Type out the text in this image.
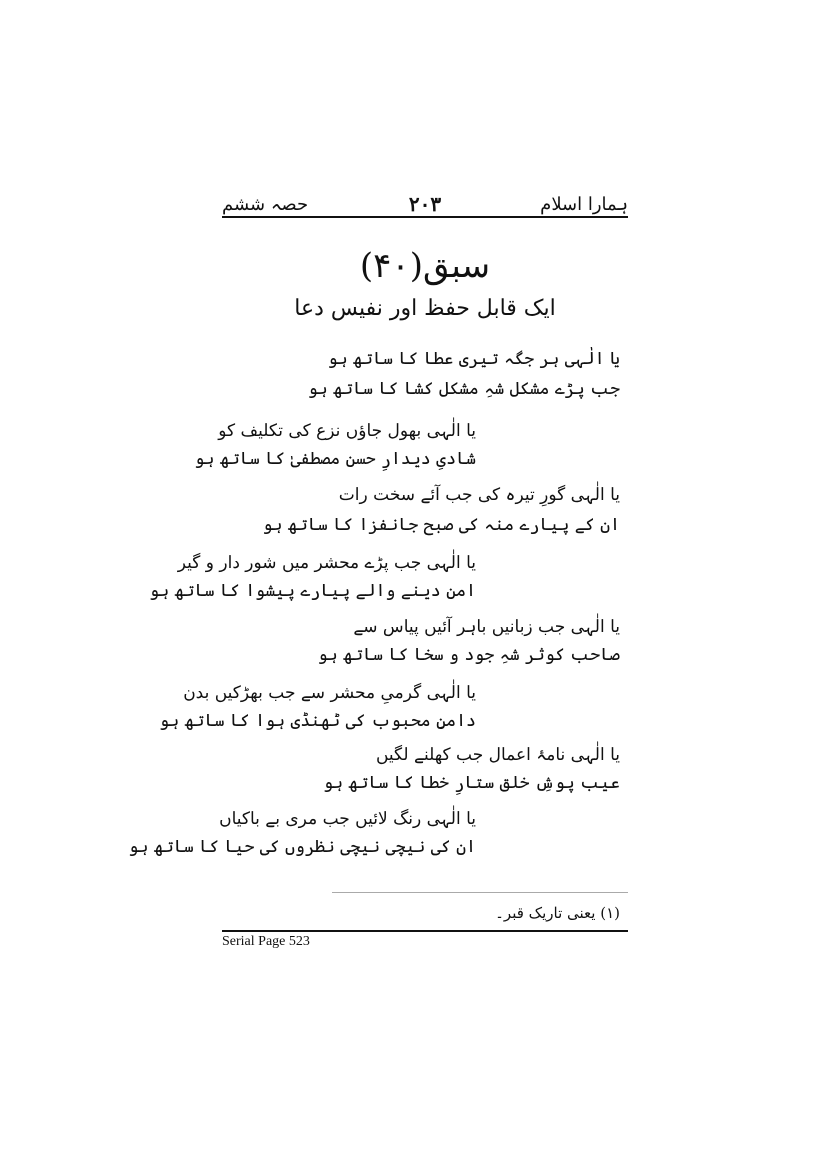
ہمارا اسلام
۲۰۳
حصہ ششم
سبق(۴۰)
ایک قابل حفظ اور نفیس دعا
یا الٰہی ہر جگہ تیری عطا کا ساتھ ہو
جب پڑے مشکل شہِ مشکل کشا کا ساتھ ہو
یا الٰہی بھول جاؤں نزع کی تکلیف کو
شادیِ دیدارِ حسن مصطفیٰ کا ساتھ ہو
یا الٰہی گورِ تیرہ کی جب آئے سخت رات
ان کے پیارے منہ کی صبح جانفزا کا ساتھ ہو
یا الٰہی جب پڑے محشر میں شور دار و گیر
امن دینے والے پیارے پیشوا کا ساتھ ہو
یا الٰہی جب زبانیں باہر آئیں پیاس سے
صاحب کوثر شہِ جود و سخا کا ساتھ ہو
یا الٰہی گرمیِ محشر سے جب بھڑکیں بدن
دامنِ محبوب کی ٹھنڈی ہوا کا ساتھ ہو
یا الٰہی نامۂ اعمال جب کھلنے لگیں
عیب پوشِ خلق ستارِ خطا کا ساتھ ہو
یا الٰہی رنگ لائیں جب مری بے باکیاں
ان کی نیچی نیچی نظروں کی حیا کا ساتھ ہو
(۱) یعنی تاریک قبر۔
Serial Page 523
